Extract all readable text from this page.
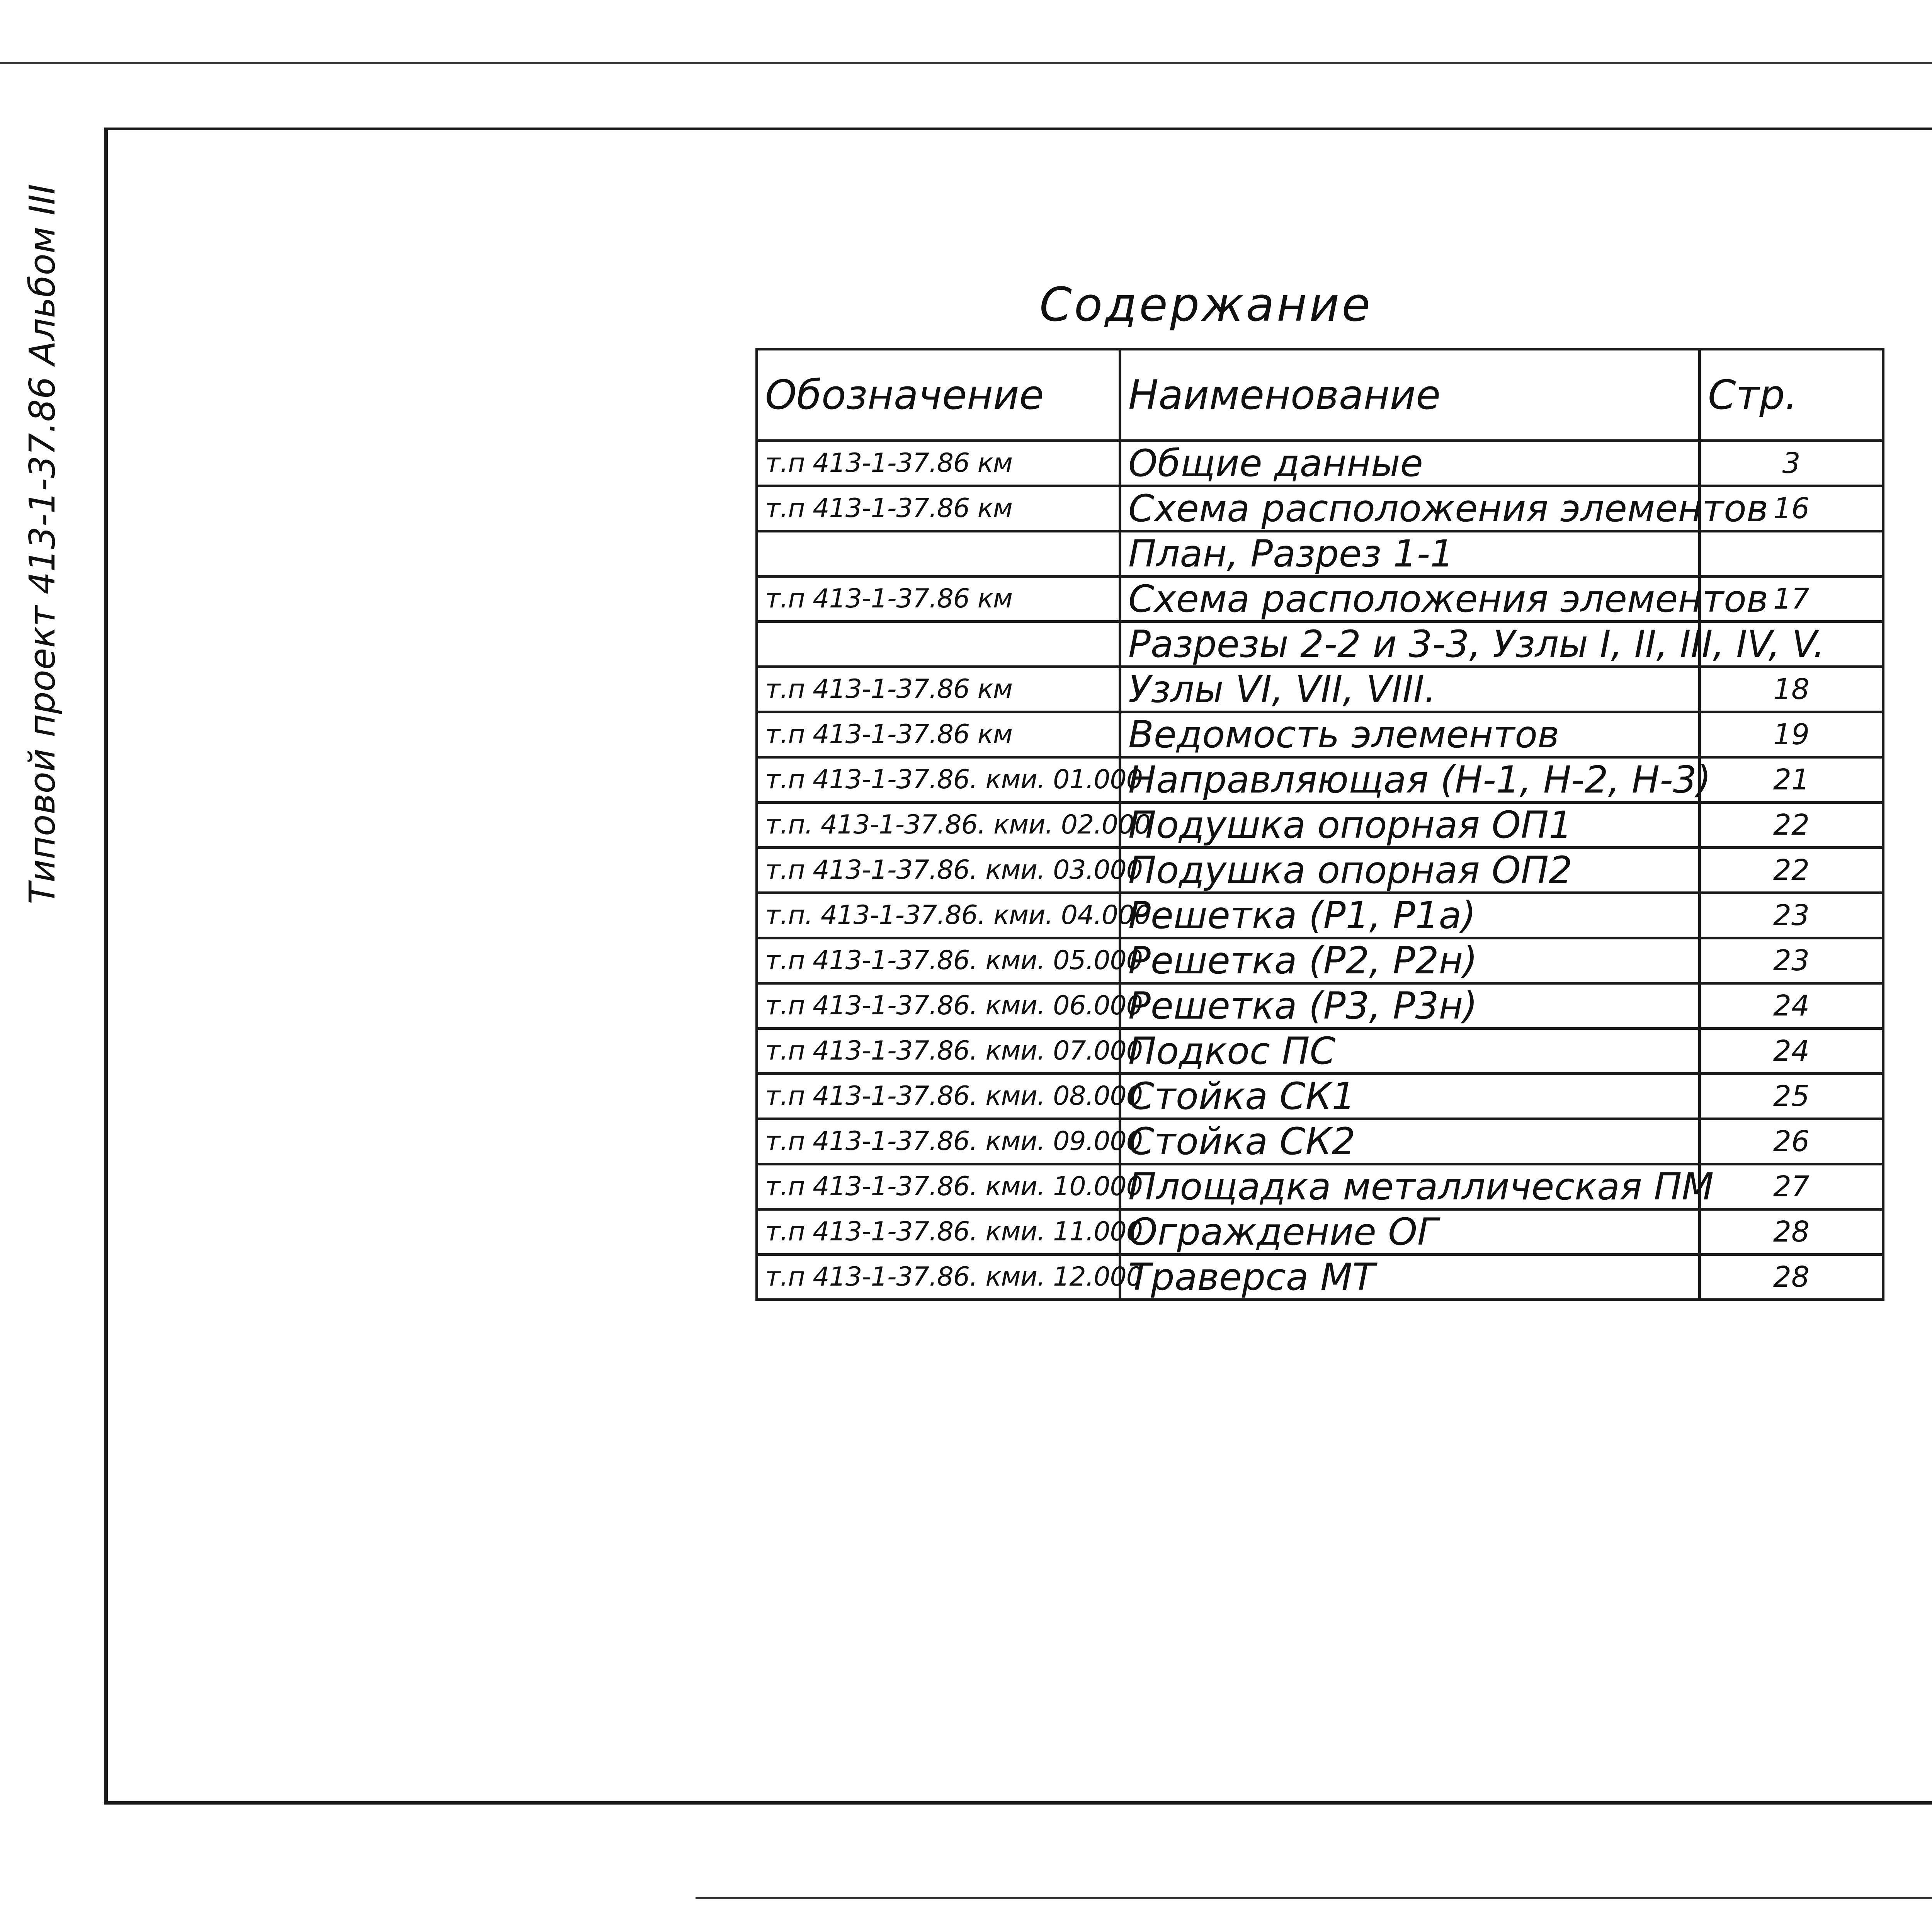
Типовой проект 413-1-37.86 Альбом III	Содержание
Обозначение	Наименование	Стр.
т.п 413-1-37.86 км	Общие данные	3
т.п 413-1-37.86 км	Схема расположения элементов	16
	План, Разрез 1-1	
т.п 413-1-37.86 км	Схема расположения элементов	17
	Разрезы 2-2 и 3-3, Узлы I, II, III, IV, V.	
т.п 413-1-37.86 км	Узлы VI, VII, VIII.	18
т.п 413-1-37.86 км	Ведомость элементов	19
т.п 413-1-37.86. кми. 01.000	Направляющая (Н-1, Н-2, Н-3)	21
т.п. 413-1-37.86. кми. 02.000	Подушка опорная ОП1	22
т.п 413-1-37.86. кми. 03.000	Подушка опорная ОП2	22
т.п. 413-1-37.86. кми. 04.000	Решетка (Р1, Р1а)	23
т.п 413-1-37.86. кми. 05.000	Решетка (Р2, Р2н)	23
т.п 413-1-37.86. кми. 06.000	Решетка (Р3, Р3н)	24
т.п 413-1-37.86. кми. 07.000	Подкос ПС	24
т.п 413-1-37.86. кми. 08.000	Стойка СК1	25
т.п 413-1-37.86. кми. 09.000	Стойка СК2	26
т.п 413-1-37.86. кми. 10.000	Площадка металлическая ПМ	27
т.п 413-1-37.86. кми. 11.000	Ограждение ОГ	28
т.п 413-1-37.86. кми. 12.000	Траверса МТ	28
